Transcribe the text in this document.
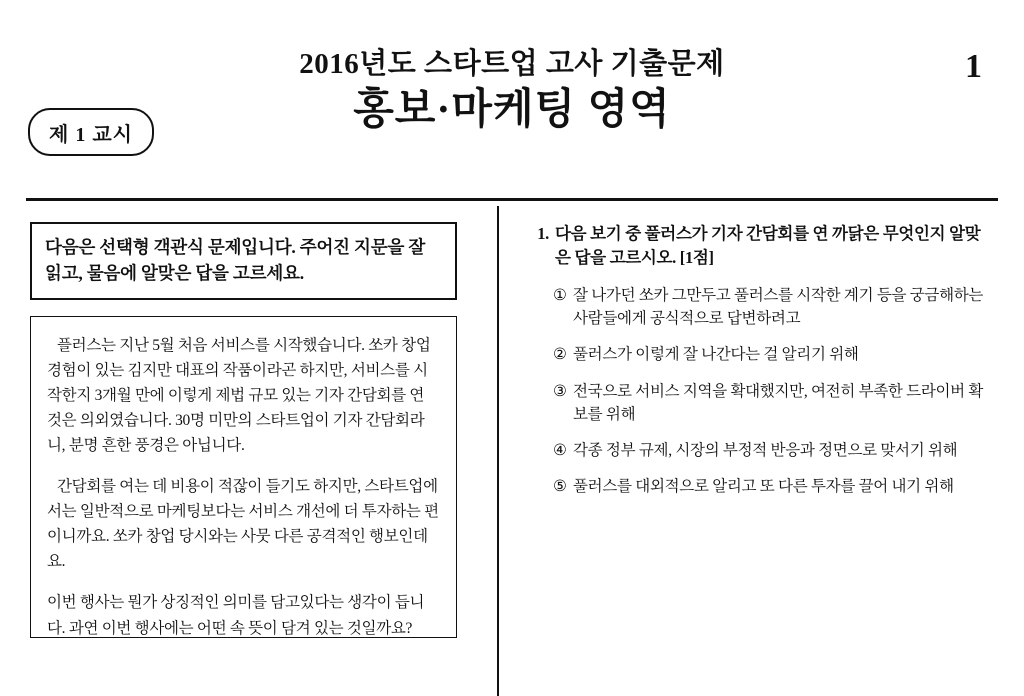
제 1 교시
2016년도 스타트업 고사 기출문제
홍보·마케팅 영역
1
다음은 선택형 객관식 문제입니다. 주어진 지문을 잘 읽고, 물음에 알맞은 답을 고르세요.

플러스는 지난 5월 처음 서비스를 시작했습니다. 쏘카 창업 경험이 있는 김지만 대표의 작품이라곤 하지만, 서비스를 시작한지 3개월 만에 이렇게 제법 규모 있는 기자 간담회를 연 것은 의외였습니다. 30명 미만의 스타트업이 기자 간담회라니, 분명 흔한 풍경은 아닙니다.

간담회를 여는 데 비용이 적잖이 들기도 하지만, 스타트업에서는 일반적으로 마케팅보다는 서비스 개선에 더 투자하는 편이니까요. 쏘카 창업 당시와는 사뭇 다른 공격적인 행보인데요.

이번 행사는 뭔가 상징적인 의미를 담고있다는 생각이 듭니다. 과연 이번 행사에는 어떤 속 뜻이 담겨 있는 것일까요?

1. 다음 보기 중 풀러스가 기자 간담회를 연 까닭은 무엇인지 알맞은 답을 고르시오. [1점]
① 잘 나가던 쏘카 그만두고 풀러스를 시작한 계기 등을 궁금해하는 사람들에게 공식적으로 답변하려고
② 풀러스가 이렇게 잘 나간다는 걸 알리기 위해
③ 전국으로 서비스 지역을 확대했지만, 여전히 부족한 드라이버 확보를 위해
④ 각종 정부 규제, 시장의 부정적 반응과 정면으로 맞서기 위해
⑤ 풀러스를 대외적으로 알리고 또 다른 투자를 끌어 내기 위해
